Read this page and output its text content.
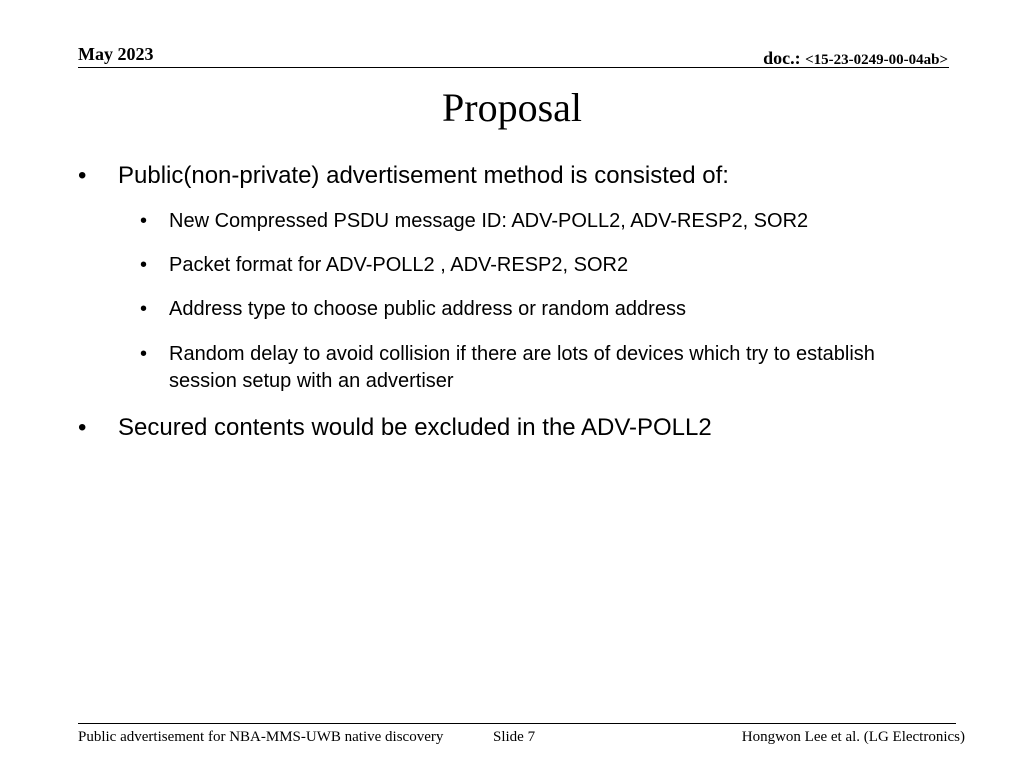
May 2023	doc.: <15-23-0249-00-04ab>
Proposal
•	Public(non-private) advertisement method is consisted of:
•	New Compressed PSDU message ID: ADV-POLL2, ADV-RESP2, SOR2
•	Packet format for ADV-POLL2 , ADV-RESP2, SOR2
•	Address type to choose public address or random address
•	Random delay to avoid collision if there are lots of devices which try to establish session setup with an advertiser
•	Secured contents would be excluded in the ADV-POLL2
Public advertisement for NBA-MMS-UWB native discovery	Slide 7	Hongwon Lee et al. (LG Electronics)
